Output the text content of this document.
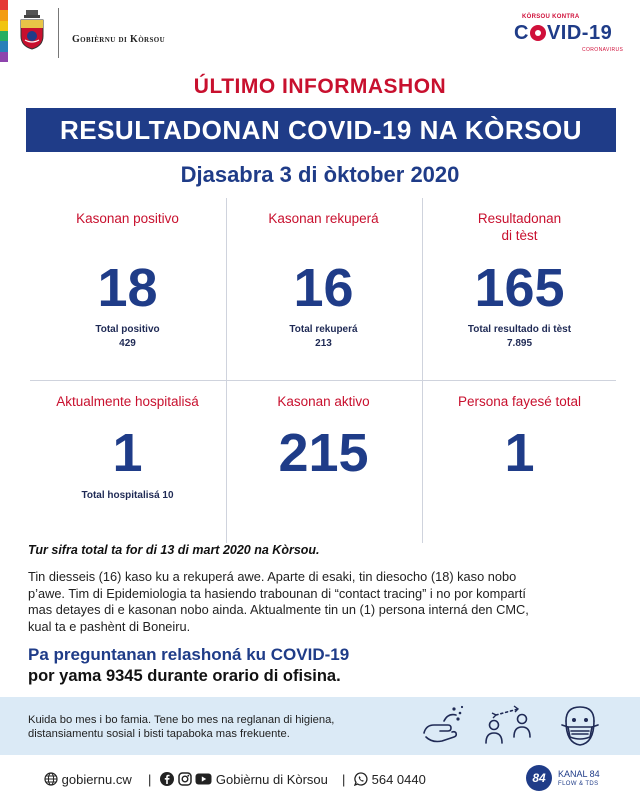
Gobièrnu di Kòrsou
KÒRSOU KONTRA
C VID-19
CORONAVIRUS
ÚLTIMO INFORMASHON
RESULTADONAN COVID-19 NA KÒRSOU
Djasabra 3 di òktober 2020
Kasonan positivo
18
Total positivo
429
Kasonan rekuperá
16
Total rekuperá
213
Resultadonan
di tèst
165
Total resultado di tèst
7.895
Aktualmente hospitalisá
1
Total hospitalisá 10
Kasonan aktivo
215
Persona fayesé total
1
Tur sifra total ta for di 13 di mart 2020 na Kòrsou.
Tin diesseis (16) kaso ku a rekuperá awe. Aparte di esaki, tin diesocho (18) kaso nobo
p’awe. Tim di Epidemiologia ta hasiendo trabounan di “contact tracing” i no por kompartí
mas detayes di e kasonan nobo ainda. Aktualmente tin un (1) persona interná den CMC,
kual ta e pashènt di Boneiru.
Pa preguntanan relashoná ku COVID-19
por yama 9345 durante orario di ofisina.
Kuida bo mes i bo famia. Tene bo mes na reglanan di higiena,
distansiamentu sosial i bisti tapaboka mas frekuente.
gobiernu.cw |	Gobièrnu di Kòrsou |	564 0440	84	KANAL 84
FLOW & TDS
